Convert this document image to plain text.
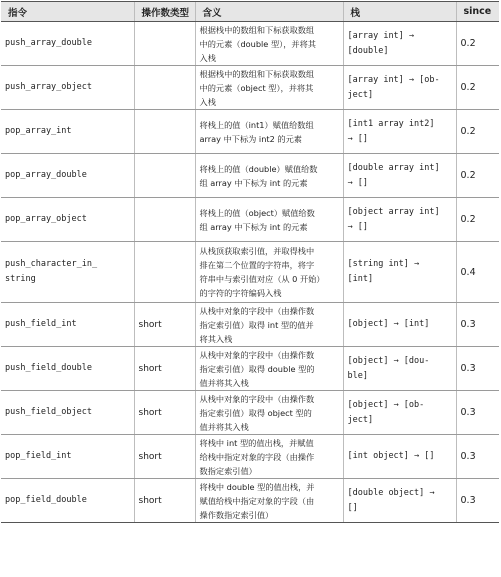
指令	操作数类型	含义	栈	since
push_array_double		根据栈中的数组和下标获取数组
中的元素（double 型），并将其
入栈	[array int] →
[double]	0.2
push_array_object		根据栈中的数组和下标获取数组
中的元素（object 型），并将其
入栈	[array int] → [ob-
ject]	0.2
pop_array_int		将栈上的值（int1）赋值给数组
array 中下标为 int2 的元素	[int1 array int2]
→ []	0.2
pop_array_double		将栈上的值（double）赋值给数
组 array 中下标为 int 的元素	[double array int]
→ []	0.2
pop_array_object		将栈上的值（object）赋值给数
组 array 中下标为 int 的元素	[object array int]
→ []	0.2
push_character_in_
string		从栈顶获取索引值，并取得栈中
排在第二个位置的字符串，将字
符串中与索引值对应（从 0 开始）
的字符的字符编码入栈	[string int] →
[int]	0.4
push_field_int	short	从栈中对象的字段中（由操作数
指定索引值）取得 int 型的值并
将其入栈	[object] → [int]	0.3
push_field_double	short	从栈中对象的字段中（由操作数
指定索引值）取得 double 型的
值并将其入栈	[object] → [dou-
ble]	0.3
push_field_object	short	从栈中对象的字段中（由操作数
指定索引值）取得 object 型的
值并将其入栈	[object] → [ob-
ject]	0.3
pop_field_int	short	将栈中 int 型的值出栈，并赋值
给栈中指定对象的字段（由操作
数指定索引值）	[int object] → []	0.3
pop_field_double	short	将栈中 double 型的值出栈，并
赋值给栈中指定对象的字段（由
操作数指定索引值）	[double object] →
[]	0.3
